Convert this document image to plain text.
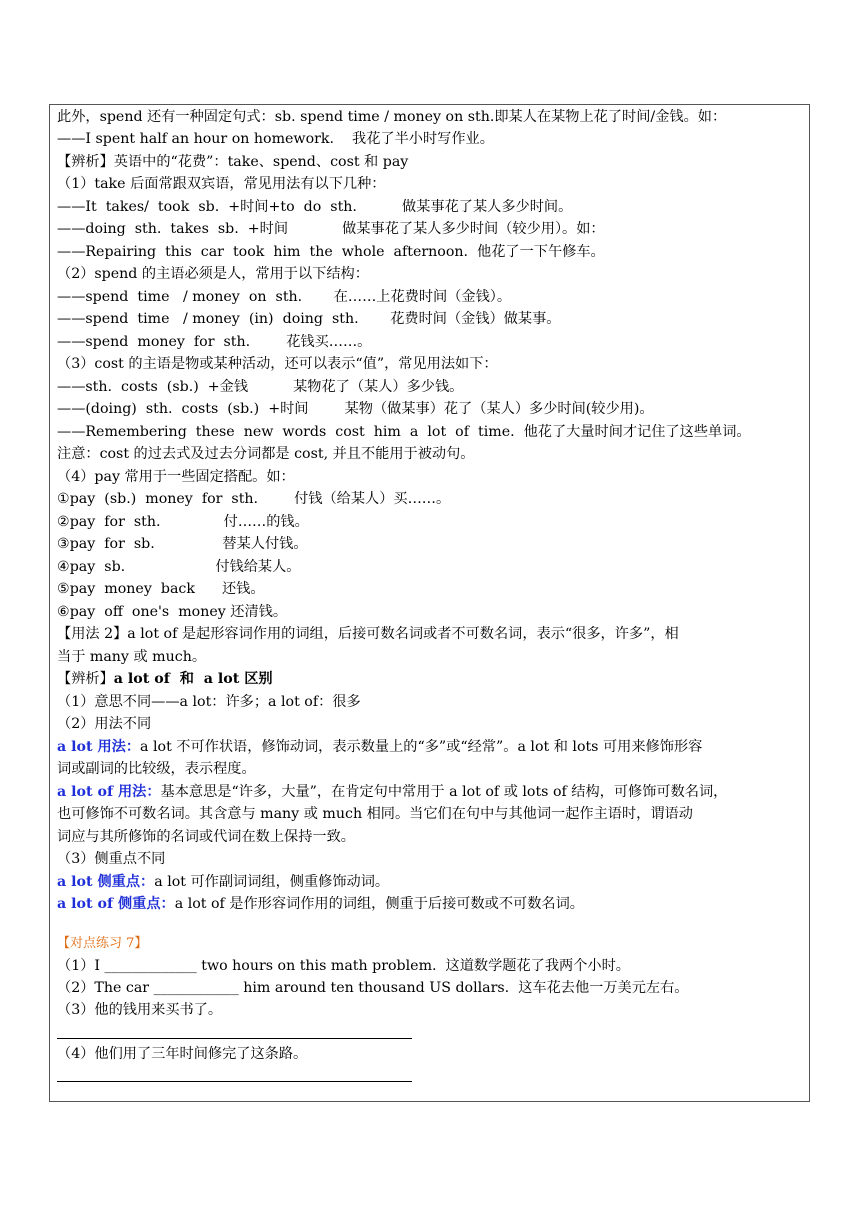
此外，spend 还有一种固定句式：sb. spend time / money on sth.即某人在某物上花了时间/金钱。如：
——I spent half an hour on homework.    我花了半小时写作业。
【辨析】英语中的“花费”：take、spend、cost 和 pay
（1）take 后面常跟双宾语，常见用法有以下几种：
——It  takes/  took  sb.  +时间+to  do  sth.          做某事花了某人多少时间。
——doing  sth.  takes  sb.  +时间            做某事花了某人多少时间（较少用）。如：
——Repairing  this  car  took  him  the  whole  afternoon.  他花了一下午修车。
（2）spend 的主语必须是人，常用于以下结构：
——spend  time   / money  on  sth.       在……上花费时间（金钱）。
——spend  time   / money  (in)  doing  sth.       花费时间（金钱）做某事。
——spend  money  for  sth.        花钱买……。
（3）cost 的主语是物或某种活动，还可以表示“值”，常见用法如下：
——sth.  costs  (sb.)  +金钱          某物花了（某人）多少钱。
——(doing)  sth.  costs  (sb.)  +时间        某物（做某事）花了（某人）多少时间(较少用)。
——Remembering  these  new  words  cost  him  a  lot  of  time.  他花了大量时间才记住了这些单词。
注意：cost 的过去式及过去分词都是 cost, 并且不能用于被动句。
（4）pay 常用于一些固定搭配。如：
①pay  (sb.)  money  for  sth.        付钱（给某人）买……。
②pay  for  sth.              付……的钱。
③pay  for  sb.               替某人付钱。
④pay  sb.                    付钱给某人。
⑤pay  money  back      还钱。
⑥pay  off  one's  money 还清钱。
【用法 2】a lot of 是起形容词作用的词组，后接可数名词或者不可数名词，表示“很多，许多”，相
当于 many 或 much。
【辨析】a lot of  和  a lot 区别
（1）意思不同——a lot：许多；a lot of：很多
（2）用法不同
a lot 用法：a lot 不可作状语，修饰动词，表示数量上的“多”或“经常”。a lot 和 lots 可用来修饰形容
词或副词的比较级，表示程度。
a lot of 用法：基本意思是“许多，大量”，在肯定句中常用于 a lot of 或 lots of 结构，可修饰可数名词，
也可修饰不可数名词。其含意与 many 或 much 相同。当它们在句中与其他词一起作主语时，谓语动
词应与其所修饰的名词或代词在数上保持一致。
（3）侧重点不同
a lot 侧重点：a lot 可作副词词组，侧重修饰动词。
a lot of 侧重点：a lot of 是作形容词作用的词组，侧重于后接可数或不可数名词。
【对点练习 7】
（1）I _____________ two hours on this math problem.  这道数学题花了我两个小时。
（2）The car ____________ him around ten thousand US dollars.  这车花去他一万美元左右。
（3）他的钱用来买书了。
（4）他们用了三年时间修完了这条路。
